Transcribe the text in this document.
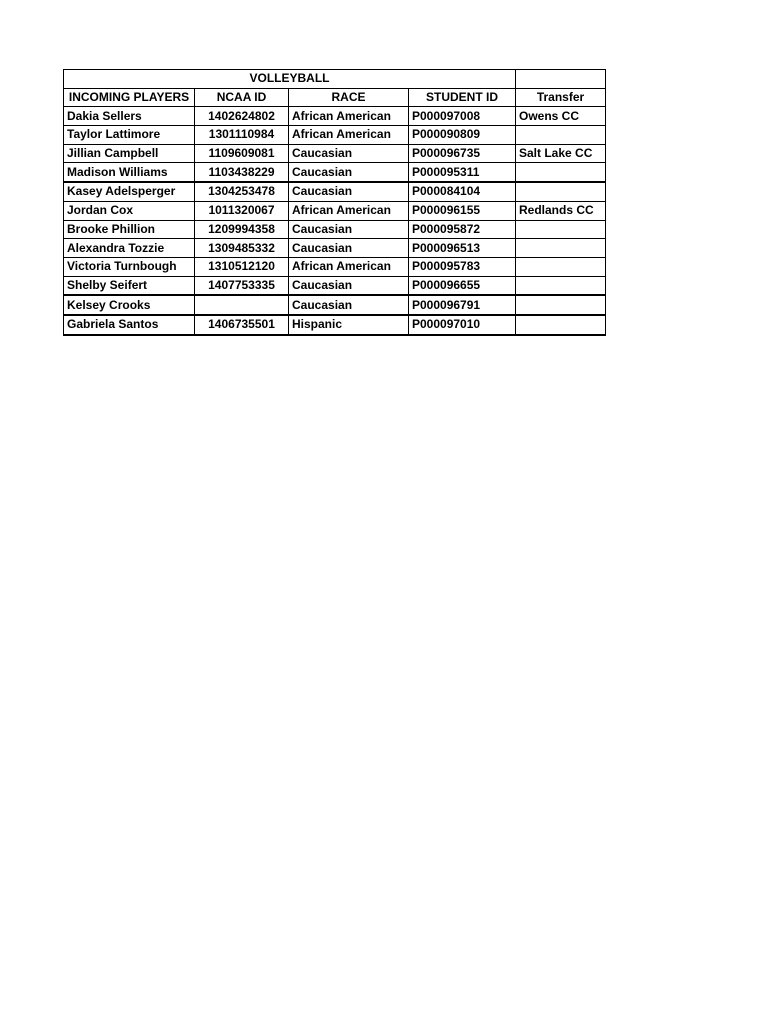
VOLLEYBALL				
INCOMING PLAYERS	NCAA ID	RACE	STUDENT ID	Transfer
Dakia Sellers	1402624802	African American	P000097008	Owens CC
Taylor Lattimore	1301110984	African American	P000090809	
Jillian Campbell	1109609081	Caucasian	P000096735	Salt Lake CC
Madison Williams	1103438229	Caucasian	P000095311	
Kasey Adelsperger	1304253478	Caucasian	P000084104	
Jordan Cox	1011320067	African American	P000096155	Redlands CC
Brooke Phillion	1209994358	Caucasian	P000095872	
Alexandra Tozzie	1309485332	Caucasian	P000096513	
Victoria Turnbough	1310512120	African American	P000095783	
Shelby Seifert	1407753335	Caucasian	P000096655	
Kelsey Crooks		Caucasian	P000096791	
Gabriela Santos	1406735501	Hispanic	P000097010	
